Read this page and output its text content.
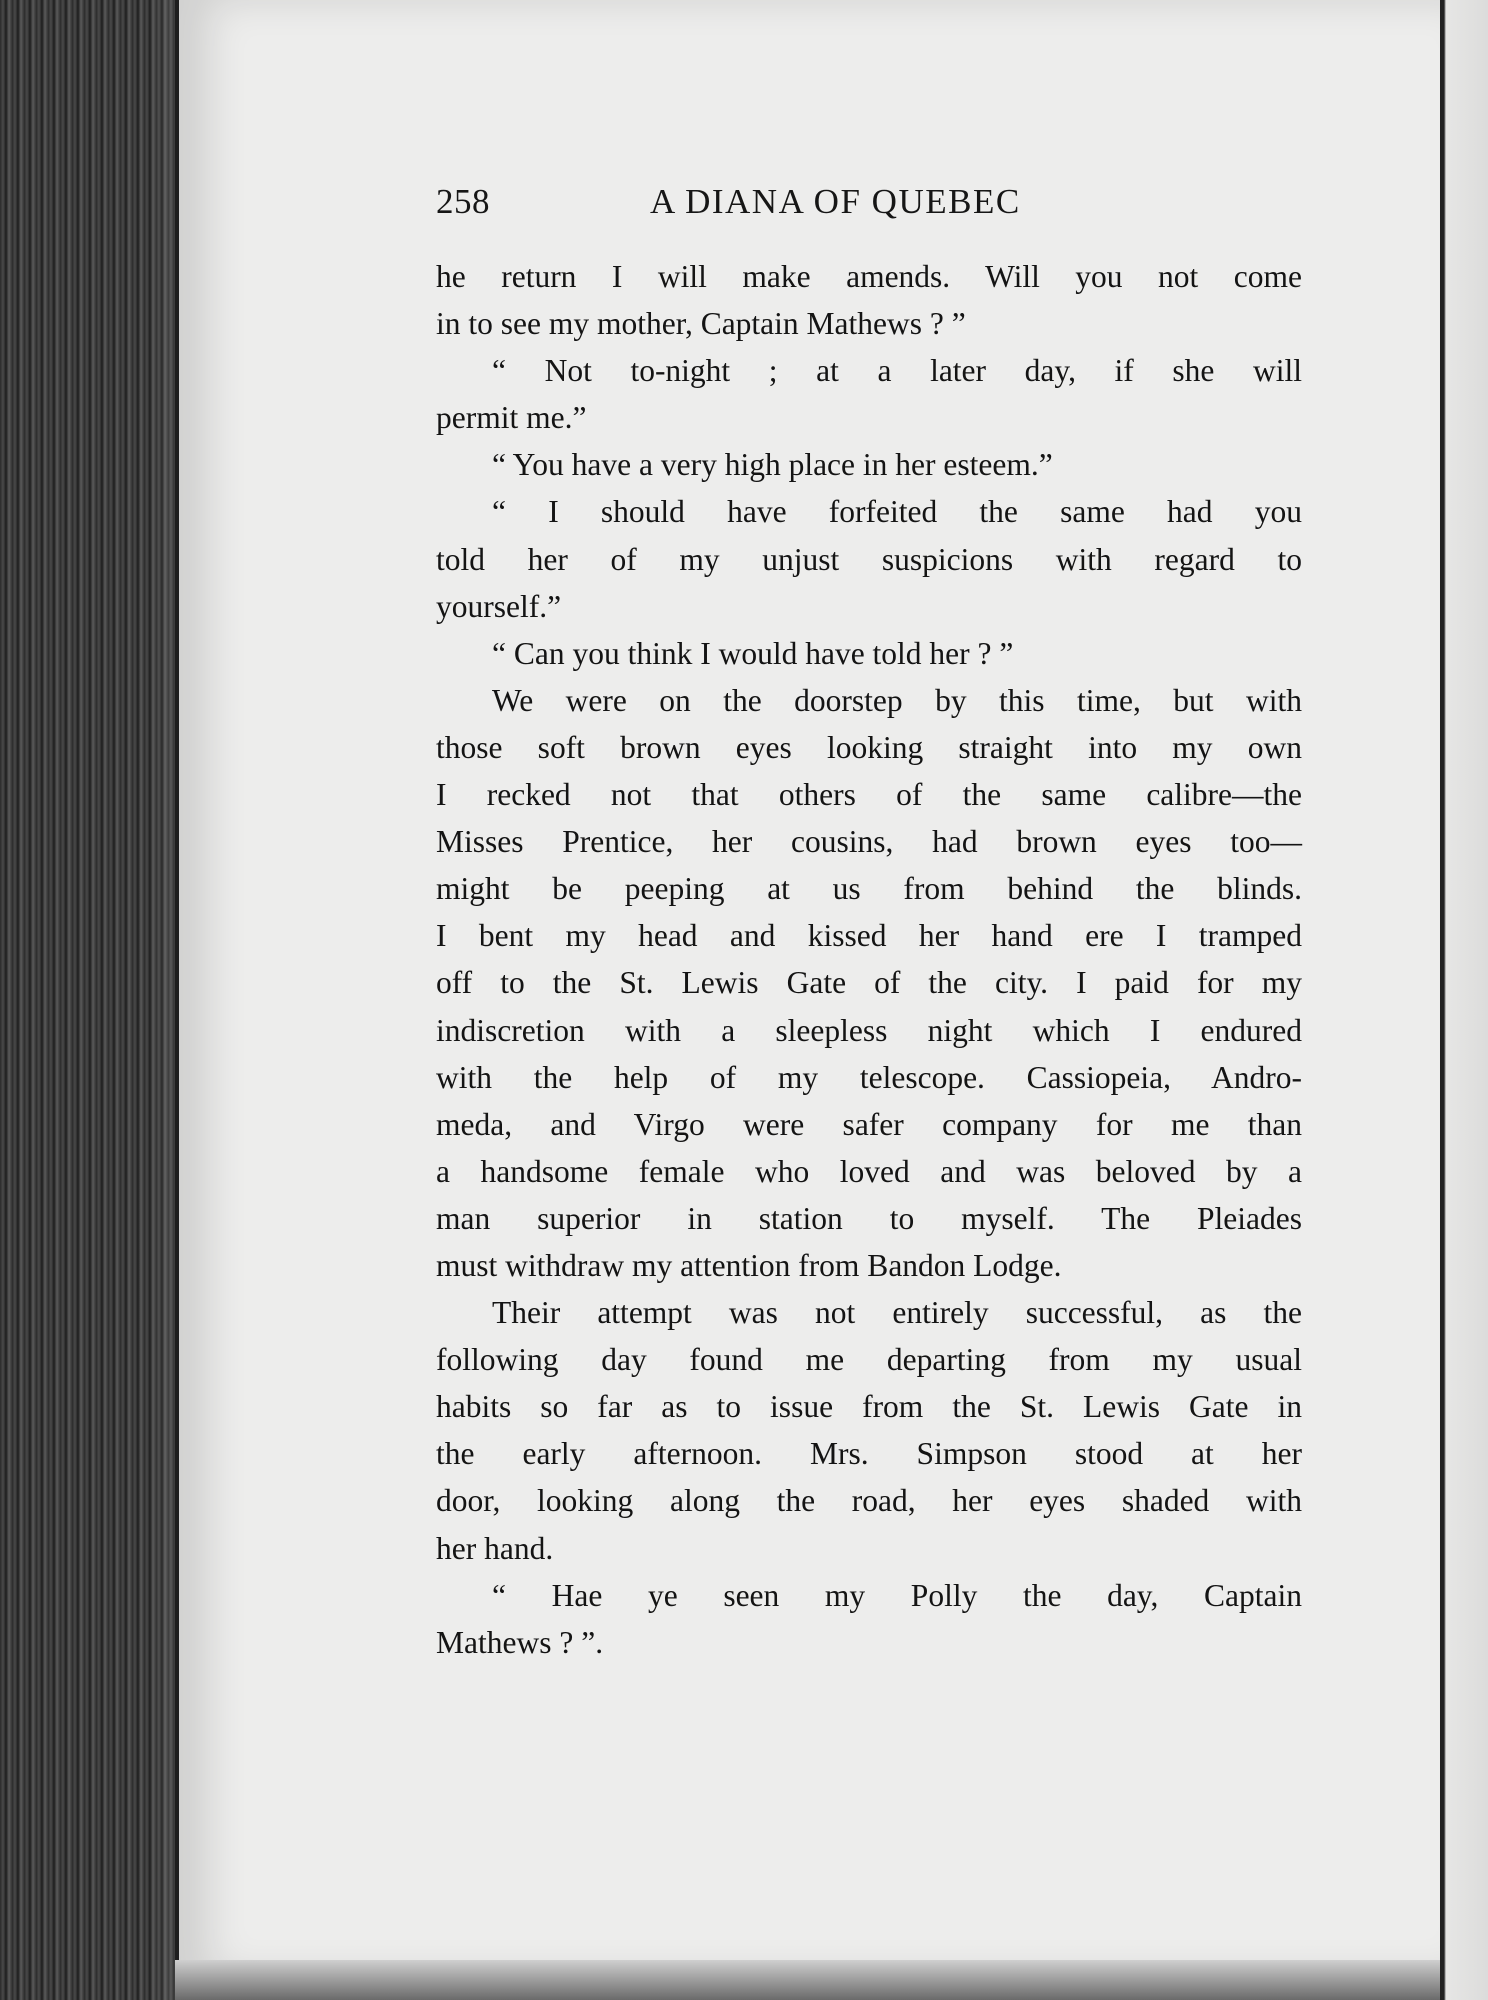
258	A DIANA OF QUEBEC
he return I will make amends. Will you not come
in to see my mother, Captain Mathews ? ”
“ Not to-night ; at a later day, if she will
permit me.”
“ You have a very high place in her esteem.”
“ I should have forfeited the same had you
told her of my unjust suspicions with regard to
yourself.”
“ Can you think I would have told her ? ”
We were on the doorstep by this time, but with
those soft brown eyes looking straight into my own
I recked not that others of the same calibre—the
Misses Prentice, her cousins, had brown eyes too—
might be peeping at us from behind the blinds.
I bent my head and kissed her hand ere I tramped
off to the St. Lewis Gate of the city. I paid for my
indiscretion with a sleepless night which I endured
with the help of my telescope. Cassiopeia, Andro-
meda, and Virgo were safer company for me than
a handsome female who loved and was beloved by a
man superior in station to myself. The Pleiades
must withdraw my attention from Bandon Lodge.
Their attempt was not entirely successful, as the
following day found me departing from my usual
habits so far as to issue from the St. Lewis Gate in
the early afternoon. Mrs. Simpson stood at her
door, looking along the road, her eyes shaded with
her hand.
“ Hae ye seen my Polly the day, Captain
Mathews ? ”.
